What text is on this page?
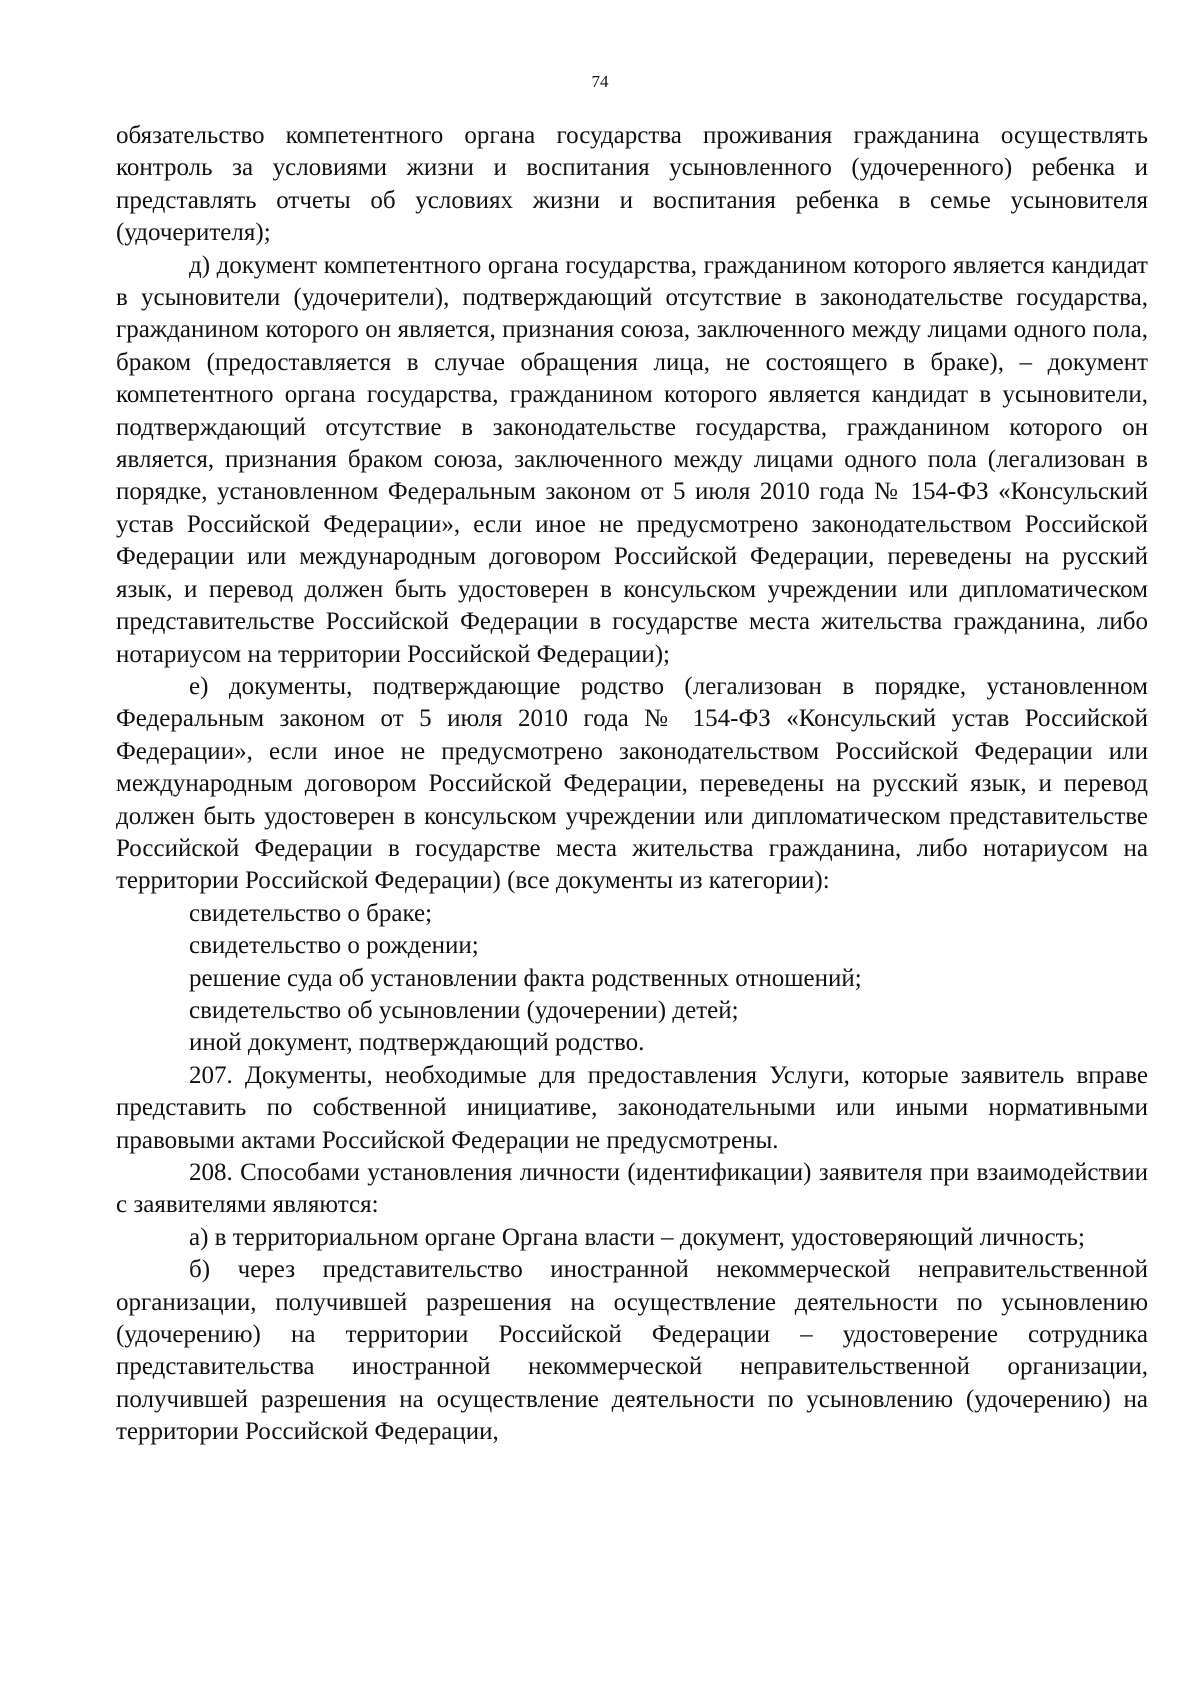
74

обязательство компетентного органа государства проживания гражданина осуществлять контроль за условиями жизни и воспитания усыновленного (удочеренного) ребенка и представлять отчеты об условиях жизни и воспитания ребенка в семье усыновителя (удочерителя);

д) документ компетентного органа государства, гражданином которого является кандидат в усыновители (удочерители), подтверждающий отсутствие в законодательстве государства, гражданином которого он является, признания союза, заключенного между лицами одного пола, браком (предоставляется в случае обращения лица, не состоящего в браке), – документ компетентного органа государства, гражданином которого является кандидат в усыновители, подтверждающий отсутствие в законодательстве государства, гражданином которого он является, признания браком союза, заключенного между лицами одного пола (легализован в порядке, установленном Федеральным законом от 5 июля 2010 года № 154-ФЗ «Консульский устав Российской Федерации», если иное не предусмотрено законодательством Российской Федерации или международным договором Российской Федерации, переведены на русский язык, и перевод должен быть удостоверен в консульском учреждении или дипломатическом представительстве Российской Федерации в государстве места жительства гражданина, либо нотариусом на территории Российской Федерации);

е) документы, подтверждающие родство (легализован в порядке, установленном Федеральным законом от 5 июля 2010 года № 154-ФЗ «Консульский устав Российской Федерации», если иное не предусмотрено законодательством Российской Федерации или международным договором Российской Федерации, переведены на русский язык, и перевод должен быть удостоверен в консульском учреждении или дипломатическом представительстве Российской Федерации в государстве места жительства гражданина, либо нотариусом на территории Российской Федерации) (все документы из категории):

свидетельство о браке;

свидетельство о рождении;

решение суда об установлении факта родственных отношений;

свидетельство об усыновлении (удочерении) детей;

иной документ, подтверждающий родство.

207. Документы, необходимые для предоставления Услуги, которые заявитель вправе представить по собственной инициативе, законодательными или иными нормативными правовыми актами Российской Федерации не предусмотрены.

208. Способами установления личности (идентификации) заявителя при взаимодействии с заявителями являются:

а) в территориальном органе Органа власти – документ, удостоверяющий личность;

б) через представительство иностранной некоммерческой неправительственной организации, получившей разрешения на осуществление деятельности по усыновлению (удочерению) на территории Российской Федерации – удостоверение сотрудника представительства иностранной некоммерческой неправительственной организации, получившей разрешения на осуществление деятельности по усыновлению (удочерению) на территории Российской Федерации,
